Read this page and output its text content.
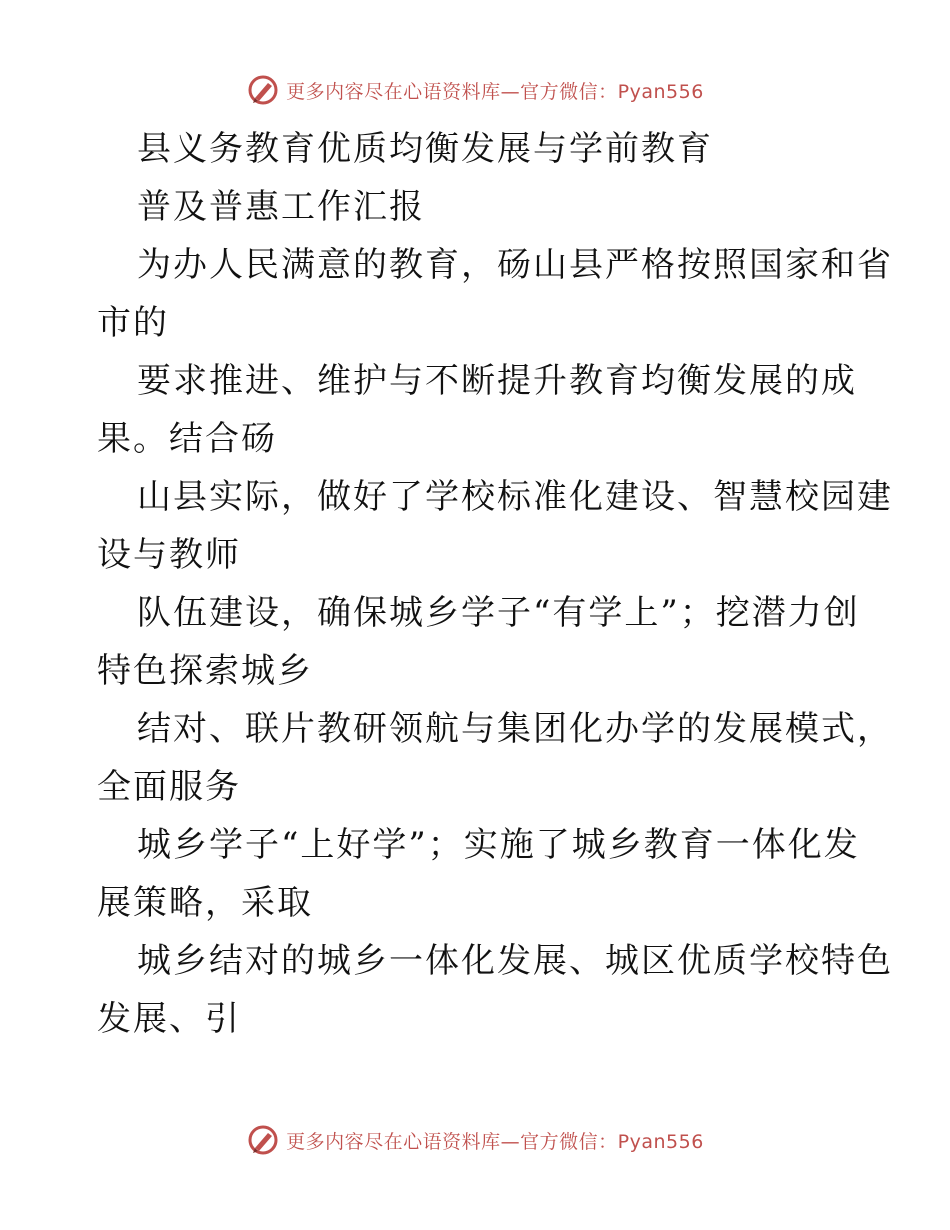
更多内容尽在心语资料库—官方微信：Pyan556
县义务教育优质均衡发展与学前教育
普及普惠工作汇报
为办人民满意的教育，砀山县严格按照国家和省
市的
要求推进、维护与不断提升教育均衡发展的成
果。结合砀
山县实际，做好了学校标准化建设、智慧校园建
设与教师
队伍建设，确保城乡学子“有学上”；挖潜力创
特色探索城乡
结对、联片教研领航与集团化办学的发展模式，
全面服务
城乡学子“上好学”；实施了城乡教育一体化发
展策略，采取
城乡结对的城乡一体化发展、城区优质学校特色
发展、引
更多内容尽在心语资料库—官方微信：Pyan556
